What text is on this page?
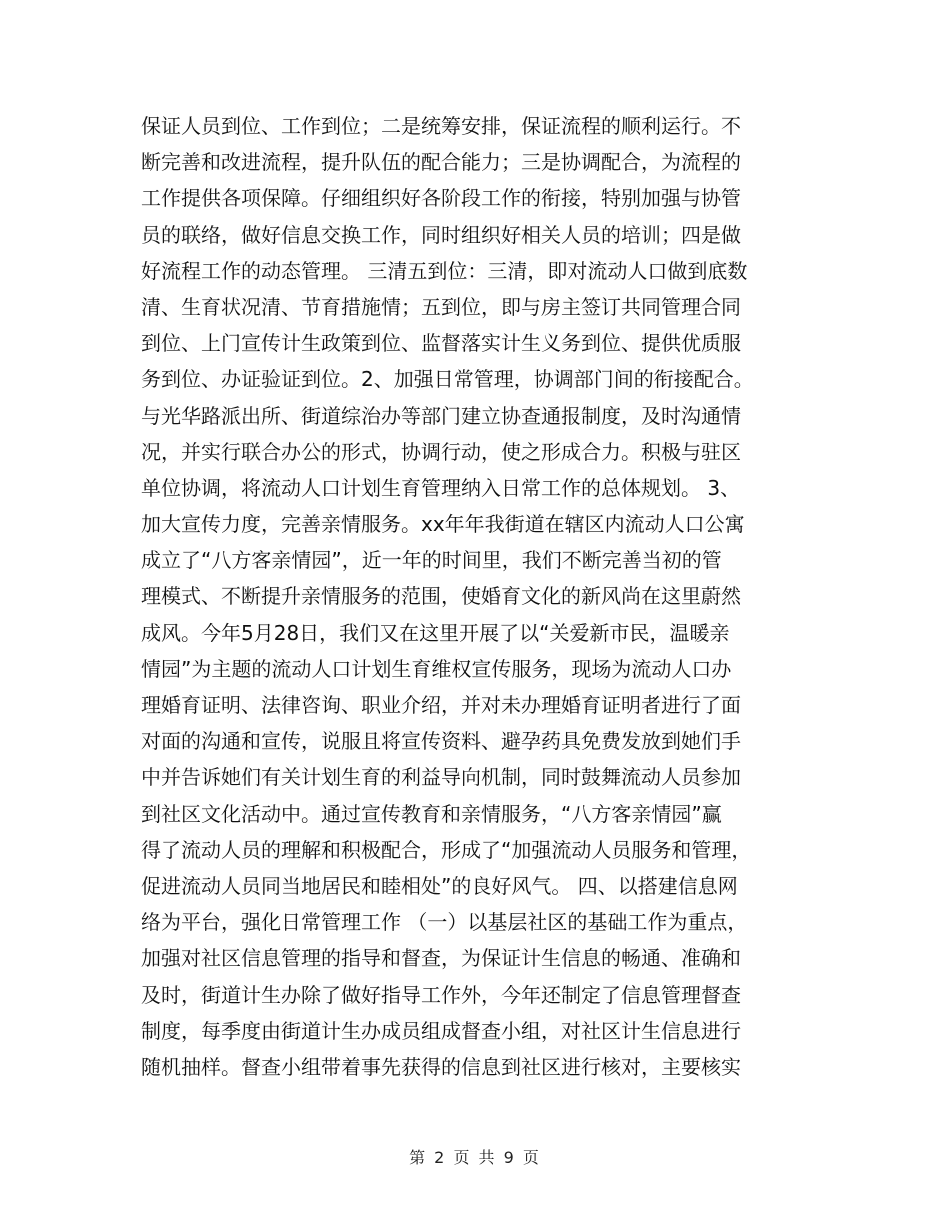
保证人员到位、工作到位；二是统筹安排，保证流程的顺利运行。不
断完善和改进流程，提升队伍的配合能力；三是协调配合，为流程的
工作提供各项保障。仔细组织好各阶段工作的衔接，特别加强与协管
员的联络，做好信息交换工作，同时组织好相关人员的培训；四是做
好流程工作的动态管理。 三清五到位：三清，即对流动人口做到底数
清、生育状况清、节育措施情；五到位，即与房主签订共同管理合同
到位、上门宣传计生政策到位、监督落实计生义务到位、提供优质服
务到位、办证验证到位。2、加强日常管理，协调部门间的衔接配合。
与光华路派出所、街道综治办等部门建立协查通报制度，及时沟通情
况，并实行联合办公的形式，协调行动，使之形成合力。积极与驻区
单位协调，将流动人口计划生育管理纳入日常工作的总体规划。 3、
加大宣传力度，完善亲情服务。xx年年我街道在辖区内流动人口公寓
成立了“八方客亲情园”，近一年的时间里，我们不断完善当初的管
理模式、不断提升亲情服务的范围，使婚育文化的新风尚在这里蔚然
成风。今年5月28日，我们又在这里开展了以“关爱新市民，温暖亲
情园”为主题的流动人口计划生育维权宣传服务，现场为流动人口办
理婚育证明、法律咨询、职业介绍，并对未办理婚育证明者进行了面
对面的沟通和宣传，说服且将宣传资料、避孕药具免费发放到她们手
中并告诉她们有关计划生育的利益导向机制，同时鼓舞流动人员参加
到社区文化活动中。通过宣传教育和亲情服务，“八方客亲情园”赢
得了流动人员的理解和积极配合，形成了“加强流动人员服务和管理，
促进流动人员同当地居民和睦相处”的良好风气。 四、以搭建信息网
络为平台，强化日常管理工作 （一）以基层社区的基础工作为重点，
加强对社区信息管理的指导和督查，为保证计生信息的畅通、准确和
及时，街道计生办除了做好指导工作外，今年还制定了信息管理督查
制度，每季度由街道计生办成员组成督查小组，对社区计生信息进行
随机抽样。督查小组带着事先获得的信息到社区进行核对，主要核实
第 2 页 共 9 页
